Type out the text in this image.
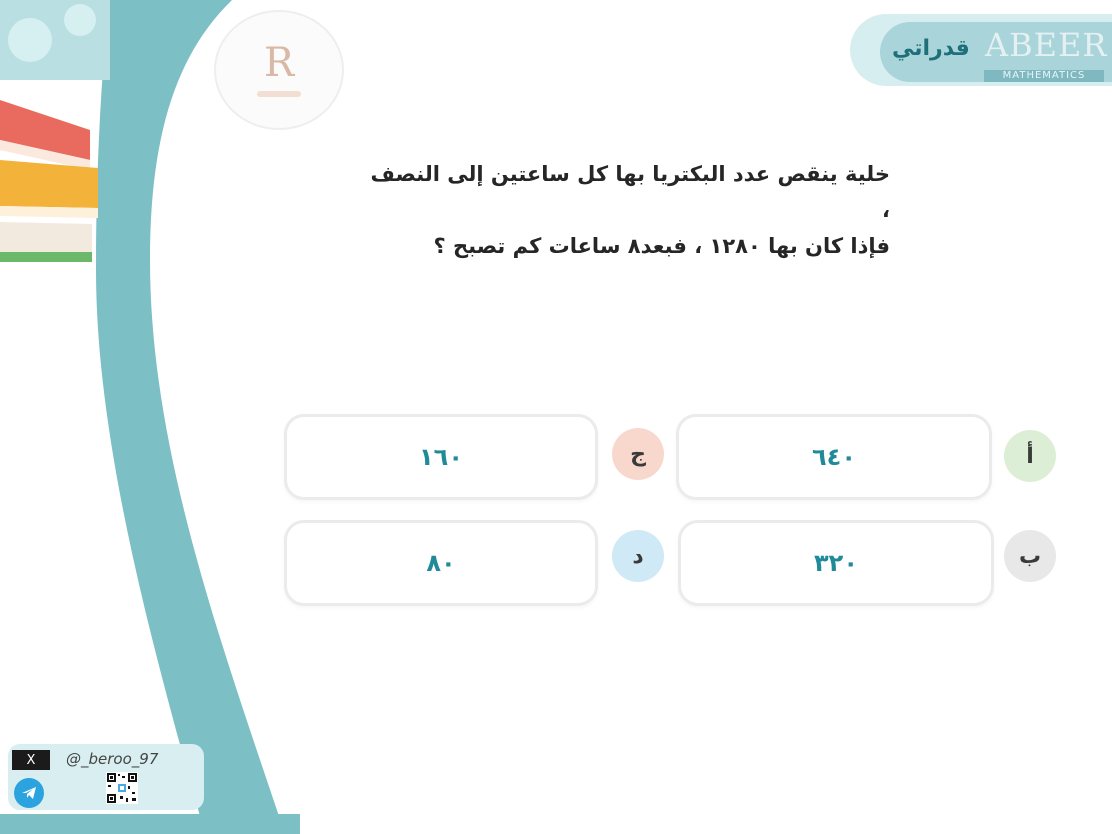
R	قدراتي ABEER
MATHEMATICS
خلية ينقص عدد البكتريا بها كل ساعتين إلى النصف ،
فإذا كان بها ١٢٨٠ ، فبعد٨ ساعات كم تصبح ؟
٦٤٠	أ
١٦٠	ج
٣٢٠	ب
٨٠	د
X	@_beroo_97
